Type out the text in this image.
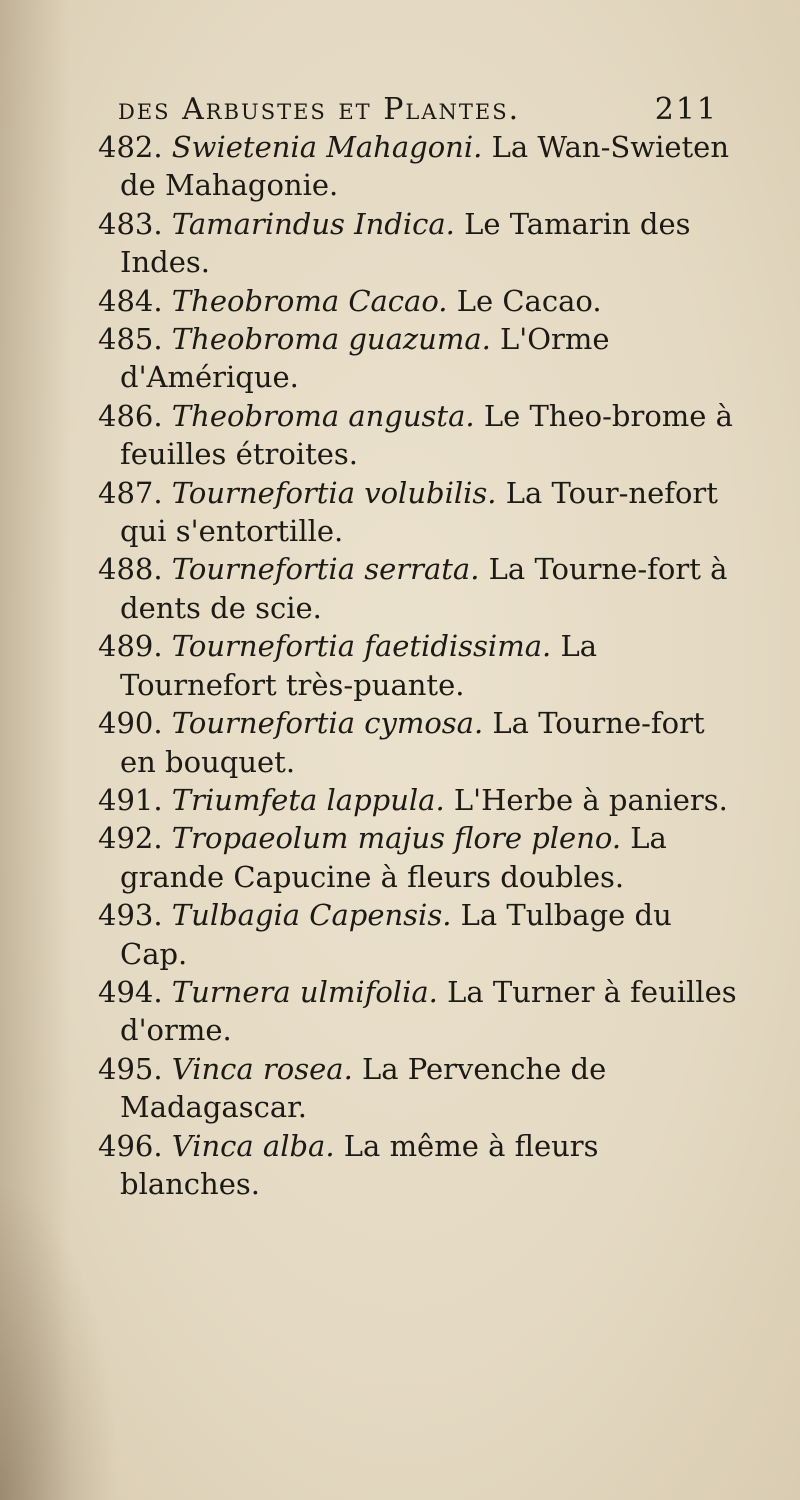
des Arbustes et Plantes.	211
482. Swietenia Mahagoni. La Wan-Swieten de Mahagonie.
483. Tamarindus Indica. Le Tamarin des Indes.
484. Theobroma Cacao. Le Cacao.
485. Theobroma guazuma. L'Orme d'Amérique.
486. Theobroma angusta. Le Theo-brome à feuilles étroites.
487. Tournefortia volubilis. La Tour-nefort qui s'entortille.
488. Tournefortia serrata. La Tourne-fort à dents de scie.
489. Tournefortia faetidissima. La Tournefort très-puante.
490. Tournefortia cymosa. La Tourne-fort en bouquet.
491. Triumfeta lappula. L'Herbe à paniers.
492. Tropaeolum majus flore pleno. La grande Capucine à fleurs doubles.
493. Tulbagia Capensis. La Tulbage du Cap.
494. Turnera ulmifolia. La Turner à feuilles d'orme.
495. Vinca rosea. La Pervenche de Madagascar.
496. Vinca alba. La même à fleurs blanches.
